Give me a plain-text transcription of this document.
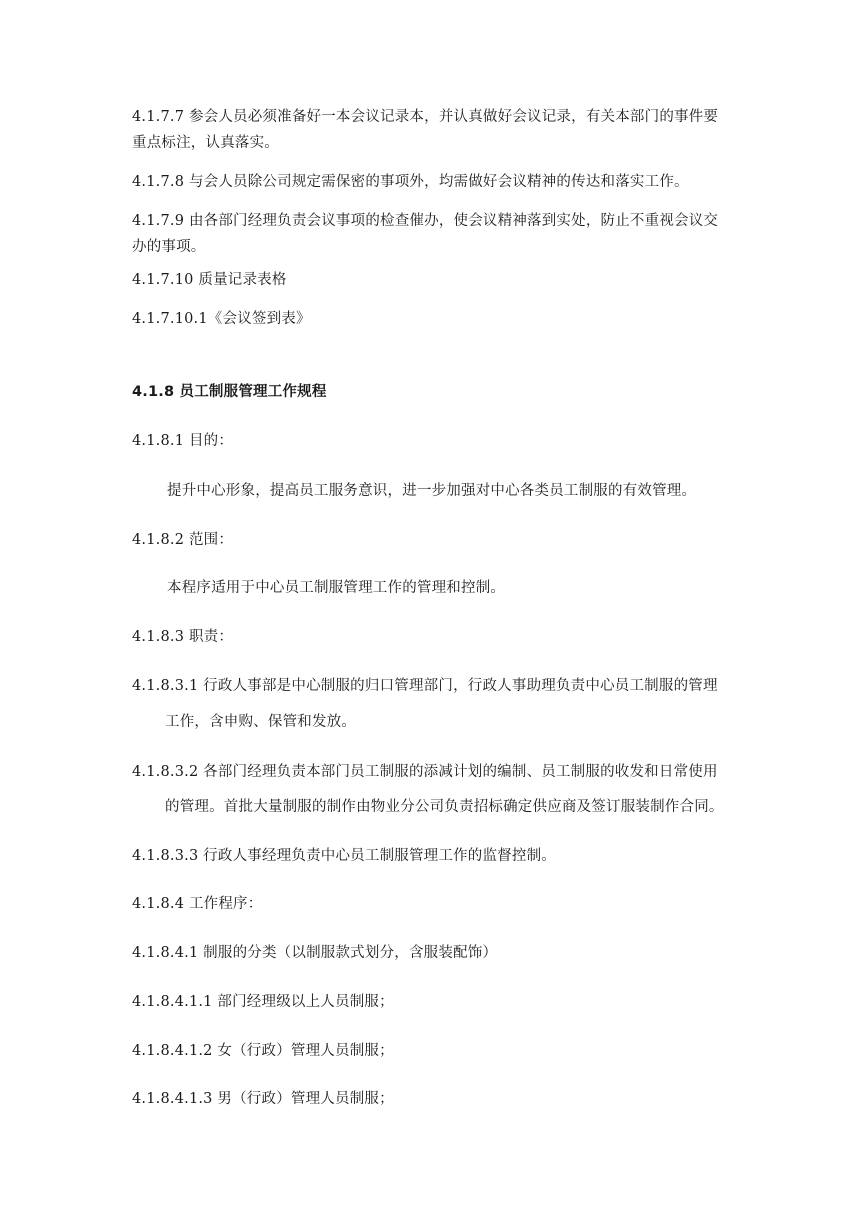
4.1.7.7 参会人员必须准备好一本会议记录本，并认真做好会议记录，有关本部门的事件要

重点标注，认真落实。

4.1.7.8 与会人员除公司规定需保密的事项外，均需做好会议精神的传达和落实工作。

4.1.7.9 由各部门经理负责会议事项的检查催办，使会议精神落到实处，防止不重视会议交

办的事项。

4.1.7.10 质量记录表格

4.1.7.10.1《会议签到表》

4.1.8 员工制服管理工作规程

4.1.8.1 目的：

提升中心形象，提高员工服务意识，进一步加强对中心各类员工制服的有效管理。

4.1.8.2 范围：

本程序适用于中心员工制服管理工作的管理和控制。

4.1.8.3 职责：

4.1.8.3.1 行政人事部是中心制服的归口管理部门，行政人事助理负责中心员工制服的管理

工作，含申购、保管和发放。

4.1.8.3.2 各部门经理负责本部门员工制服的添减计划的编制、员工制服的收发和日常使用

的管理。首批大量制服的制作由物业分公司负责招标确定供应商及签订服装制作合同。

4.1.8.3.3 行政人事经理负责中心员工制服管理工作的监督控制。

4.1.8.4 工作程序：

4.1.8.4.1 制服的分类（以制服款式划分，含服装配饰）

4.1.8.4.1.1 部门经理级以上人员制服；

4.1.8.4.1.2 女（行政）管理人员制服；

4.1.8.4.1.3 男（行政）管理人员制服；
